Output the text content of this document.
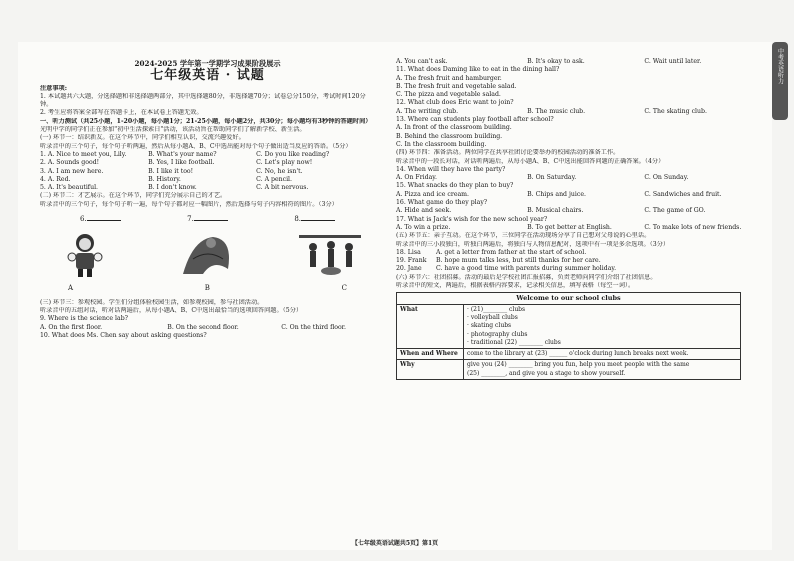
中考英语听力
2024-2025 学年第一学期学习成果阶段展示
七年级英语 · 试题

注意事项:

1. 本试题共六大题，分选择题和非选择题两部分，其中选择题80分，非选择题70分；试卷总分150分，考试时间120分钟。

2. 考生应将答案全部写在答题卡上，在本试卷上答题无效。

一、听力测试（共25小题，1-20小题，每小题1分；21-25小题，每小题2分，共30分；每小题均有3秒钟的答题时间）

光明中学的同学们正在参加"初中生活探索日"活动，该活动旨在帮助同学们了解新学校、新生活。

(一) 环节一：结识新友。在这个环节中，同学们相互认识，交流兴趣爱好。

听录音中的三个句子，每个句子听两遍，然后从每小题A、B、C中选出能对每个句子做出适当反应的答语。（5分）

1. A. Nice to meet you, Lily.	B. What's your name?	C. Do you like reading?
2. A. Sounds good!	B. Yes, I like football.	C. Let's play now!
3. A. I am new here.	B. I like it too!	C. No, he isn't.
4. A. Red.	B. History.	C. A pencil.
5. A. It's beautiful.	B. I don't know.	C. A bit nervous.

(二) 环节二：才艺展示。在这个环节，同学们充分展示自己的才艺。

听录音中的三个句子，每个句子听一遍，每个句子都对应一幅图片，然后选择与句子内容相符的图片。（3分）

6.	7.	8.
A	B	C

(三) 环节三：参观校园。学生们分组体验校园生活，如参观校园，参与社团活动。

听录音中的五组对话，听对话两遍后，从每小题A、B、C中选出最恰当的选项回答问题。（5分）

9. Where is the science lab?

A. On the first floor.	B. On the second floor.	C. On the third floor.

10. What does Ms. Chen say about asking questions?

A. You can't ask.	B. It's okay to ask.	C. Wait until later.

11. What does Daming like to eat in the dining hall?

A. The fresh fruit and hamburger.

B. The fresh fruit and vegetable salad.

C. The pizza and vegetable salad.

12. What club does Eric want to join?

A. The writing club.	B. The music club.	C. The skating club.

13. Where can students play football after school?

A. In front of the classroom building.

B. Behind the classroom building.

C. In the classroom building.

(四) 环节四：准备活动。两位同学在共享社团讨论要举办的校园活动的准备工作。

听录音中的一段长对话，对话听两遍后，从每小题A、B、C中选出能回答问题的正确答案。（4分）

14. When will they have the party?

A. On Friday.	B. On Saturday.	C. On Sunday.

15. What snacks do they plan to buy?

A. Pizza and ice cream.	B. Chips and juice.	C. Sandwiches and fruit.

16. What game do they play?

A. Hide and seek.	B. Musical chairs.	C. The game of GO.

17. What is Jack's wish for the new school year?

A. To win a prize.	B. To get better at English.	C. To make lots of new friends.

(五) 环节五：亲子互动。在这个环节，三位同学在活动现场分享了自己想对父母说的心里话。

听录音中的三小段独白，听独白两遍后，将独白与人物信息配对，选项中有一项是多余选项。（3分）

18. Lisa	A. get a letter from father at the start of school.
19. Frank	B. hope mum talks less, but still thanks for her care.
20. Jane	C. have a good time with parents during summer holiday.

(六) 环节六：社团招募。活动的最后是学校社团汇报招募，负责老师向同学们介绍了社团信息。

听录音中的短文，两遍后，根据表格内容要求，记录相关信息，填写表格（每空一词）。

Welcome to our school clubs	
What	· (21)________ clubs
· volleyball clubs
· skating clubs
· photography clubs
· traditional (22) ________ clubs

When and Where	come to the library at (23) ______ o'clock during lunch breaks next week.
Why	give you (24) ________ bring you fun, help you meet people with the same
(25) ________, and give you a stage to show yourself.
【七年级英语试题共5页】第1页
